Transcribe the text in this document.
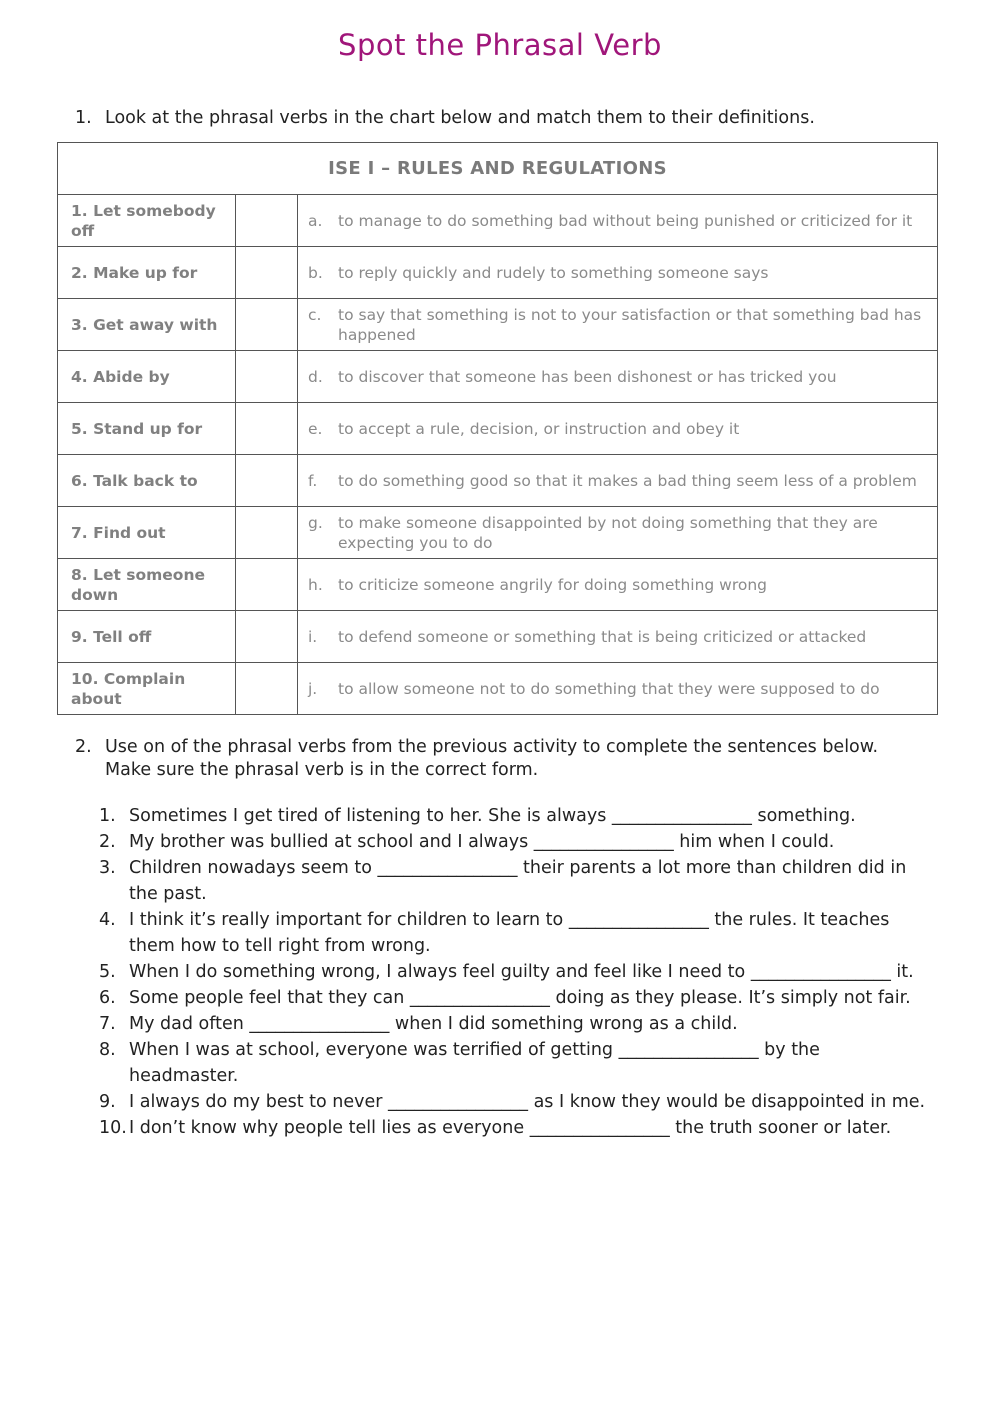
Spot the Phrasal Verb
1. Look at the phrasal verbs in the chart below and match them to their definitions.
ISE I – RULES AND REGULATIONS		
1. Let somebody off		a. to manage to do something bad without being punished or criticized for it

2. Make up for		b. to reply quickly and rudely to something someone says

3. Get away with		c. to say that something is not to your satisfaction or that something bad has happened

4. Abide by		d. to discover that someone has been dishonest or has tricked you

5. Stand up for		e. to accept a rule, decision, or instruction and obey it

6. Talk back to		f. to do something good so that it makes a bad thing seem less of a problem

7. Find out		g. to make someone disappointed by not doing something that they are expecting you to do

8. Let someone down		h. to criticize someone angrily for doing something wrong

9. Tell off		i. to defend someone or something that is being criticized or attacked

10. Complain about		j. to allow someone not to do something that they were supposed to do
2. Use on of the phrasal verbs from the previous activity to complete the sentences below. Make sure the phrasal verb is in the correct form.
1. Sometimes I get tired of listening to her. She is always ________________ something.
2. My brother was bullied at school and I always ________________ him when I could.
3. Children nowadays seem to ________________ their parents a lot more than children did in the past.
4. I think it’s really important for children to learn to ________________ the rules. It teaches them how to tell right from wrong.
5. When I do something wrong, I always feel guilty and feel like I need to ________________ it.
6. Some people feel that they can ________________ doing as they please. It’s simply not fair.
7. My dad often ________________ when I did something wrong as a child.
8. When I was at school, everyone was terrified of getting ________________ by the headmaster.
9. I always do my best to never ________________ as I know they would be disappointed in me.
10. I don’t know why people tell lies as everyone ________________ the truth sooner or later.
